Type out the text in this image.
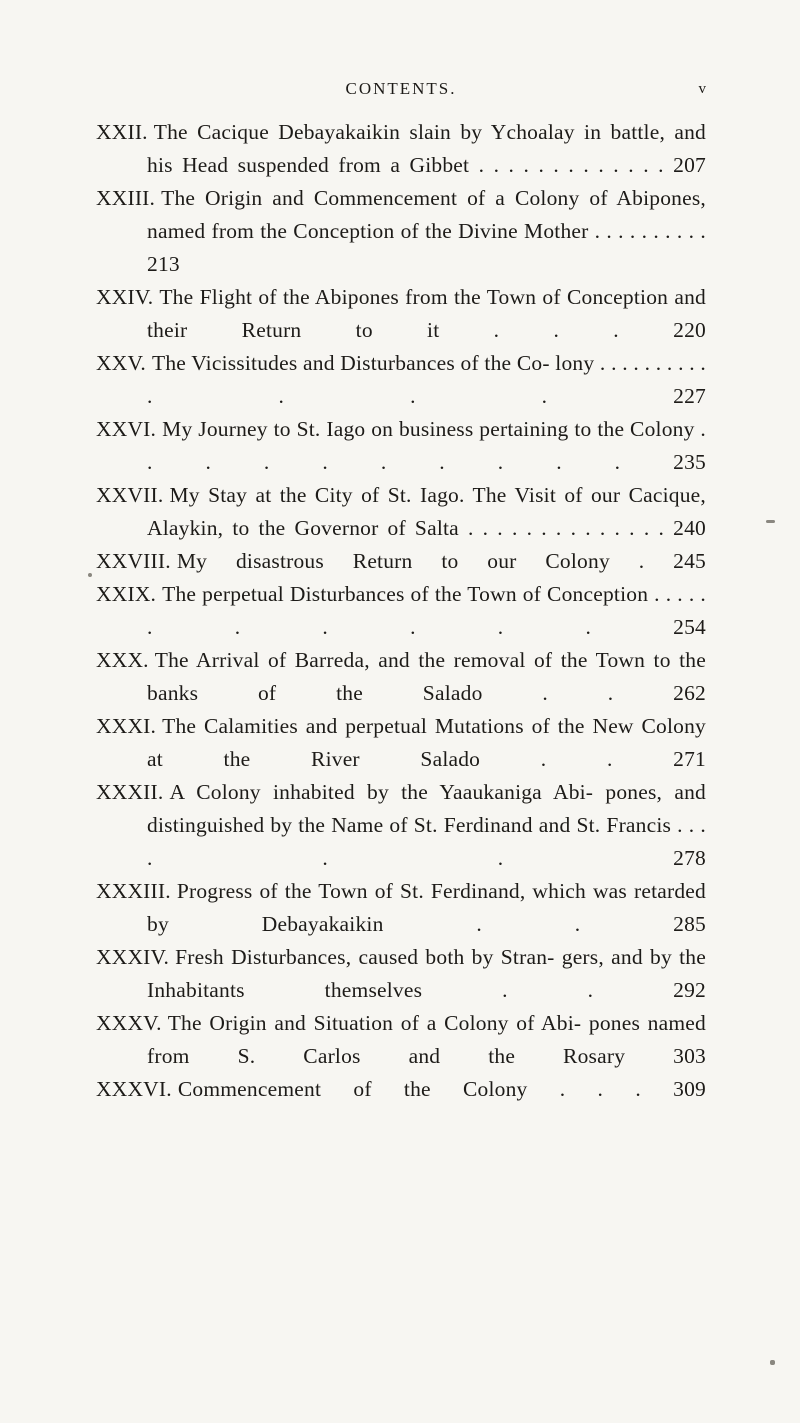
CONTENTS.	v
XXII. The Cacique Debayakaikin slain by Ychoalay in battle, and his Head suspended from a Gibbet . . . . . . . . . . . . . 207
XXIII. The Origin and Commencement of a Colony of Abipones, named from the Conception of the Divine Mother . . . . . . . . . . 213
XXIV. The Flight of the Abipones from the Town of Conception and their Return to it . . . 220
XXV. The Vicissitudes and Disturbances of the Co- lony . . . . . . . . . . . . . . 227
XXVI. My Journey to St. Iago on business pertaining to the Colony . . . . . . . . . . 235
XXVII. My Stay at the City of St. Iago. The Visit of our Cacique, Alaykin, to the Governor of Salta . . . . . . . . . . . . . . 240
XXVIII. My disastrous Return to our Colony . 245
XXIX. The perpetual Disturbances of the Town of Conception . . . . . . . . . . . 254
XXX. The Arrival of Barreda, and the removal of the Town to the banks of the Salado . . 262
XXXI. The Calamities and perpetual Mutations of the New Colony at the River Salado . . 271
XXXII. A Colony inhabited by the Yaaukaniga Abi- pones, and distinguished by the Name of St. Ferdinand and St. Francis . . . . . . 278
XXXIII. Progress of the Town of St. Ferdinand, which was retarded by Debayakaikin . . 285
XXXIV. Fresh Disturbances, caused both by Stran- gers, and by the Inhabitants themselves . . 292
XXXV. The Origin and Situation of a Colony of Abi- pones named from S. Carlos and the Rosary 303
XXXVI. Commencement of the Colony . . . 309
